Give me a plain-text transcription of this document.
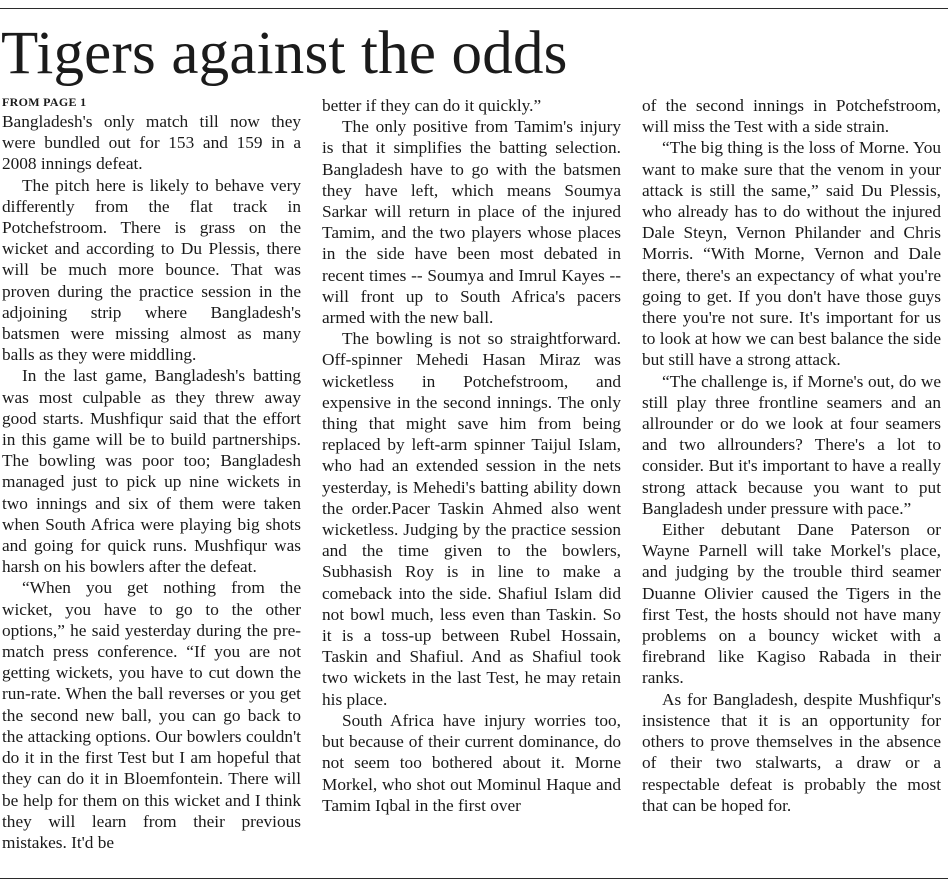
Tigers against the odds
FROM PAGE 1

Bangladesh's only match till now they were bundled out for 153 and 159 in a 2008 innings defeat.

The pitch here is likely to behave very differently from the flat track in Potchefstroom. There is grass on the wicket and according to Du Plessis, there will be much more bounce. That was proven during the practice session in the adjoining strip where Bangladesh's batsmen were missing almost as many balls as they were middling.

In the last game, Bangladesh's batting was most culpable as they threw away good starts. Mushfiqur said that the effort in this game will be to build partnerships. The bowling was poor too; Bangladesh managed just to pick up nine wickets in two innings and six of them were taken when South Africa were playing big shots and going for quick runs. Mushfiqur was harsh on his bowlers after the defeat.

“When you get nothing from the wicket, you have to go to the other options,” he said yesterday during the pre-match press conference. “If you are not getting wickets, you have to cut down the run-rate. When the ball reverses or you get the second new ball, you can go back to the attacking options. Our bowlers couldn't do it in the first Test but I am hopeful that they can do it in Bloemfontein. There will be help for them on this wicket and I think they will learn from their previous mistakes. It'd be

better if they can do it quickly.”

The only positive from Tamim's injury is that it simplifies the batting selection. Bangladesh have to go with the batsmen they have left, which means Soumya Sarkar will return in place of the injured Tamim, and the two players whose places in the side have been most debated in recent times -- Soumya and Imrul Kayes -- will front up to South Africa's pacers armed with the new ball.

The bowling is not so straightforward. Off-spinner Mehedi Hasan Miraz was wicketless in Potchefstroom, and expensive in the second innings. The only thing that might save him from being replaced by left-arm spinner Taijul Islam, who had an extended session in the nets yesterday, is Mehedi's batting ability down the order.Pacer Taskin Ahmed also went wicketless. Judging by the practice session and the time given to the bowlers, Subhasish Roy is in line to make a comeback into the side. Shafiul Islam did not bowl much, less even than Taskin. So it is a toss-up between Rubel Hossain, Taskin and Shafiul. And as Shafiul took two wickets in the last Test, he may retain his place.

South Africa have injury worries too, but because of their current dominance, do not seem too bothered about it. Morne Morkel, who shot out Mominul Haque and Tamim Iqbal in the first over

of the second innings in Potchefstroom, will miss the Test with a side strain.

“The big thing is the loss of Morne. You want to make sure that the venom in your attack is still the same,” said Du Plessis, who already has to do without the injured Dale Steyn, Vernon Philander and Chris Morris. “With Morne, Vernon and Dale there, there's an expectancy of what you're going to get. If you don't have those guys there you're not sure. It's important for us to look at how we can best balance the side but still have a strong attack.

“The challenge is, if Morne's out, do we still play three frontline seamers and an allrounder or do we look at four seamers and two allrounders? There's a lot to consider. But it's important to have a really strong attack because you want to put Bangladesh under pressure with pace.”

Either debutant Dane Paterson or Wayne Parnell will take Morkel's place, and judging by the trouble third seamer Duanne Olivier caused the Tigers in the first Test, the hosts should not have many problems on a bouncy wicket with a firebrand like Kagiso Rabada in their ranks.

As for Bangladesh, despite Mushfiqur's insistence that it is an opportunity for others to prove themselves in the absence of their two stalwarts, a draw or a respectable defeat is probably the most that can be hoped for.
